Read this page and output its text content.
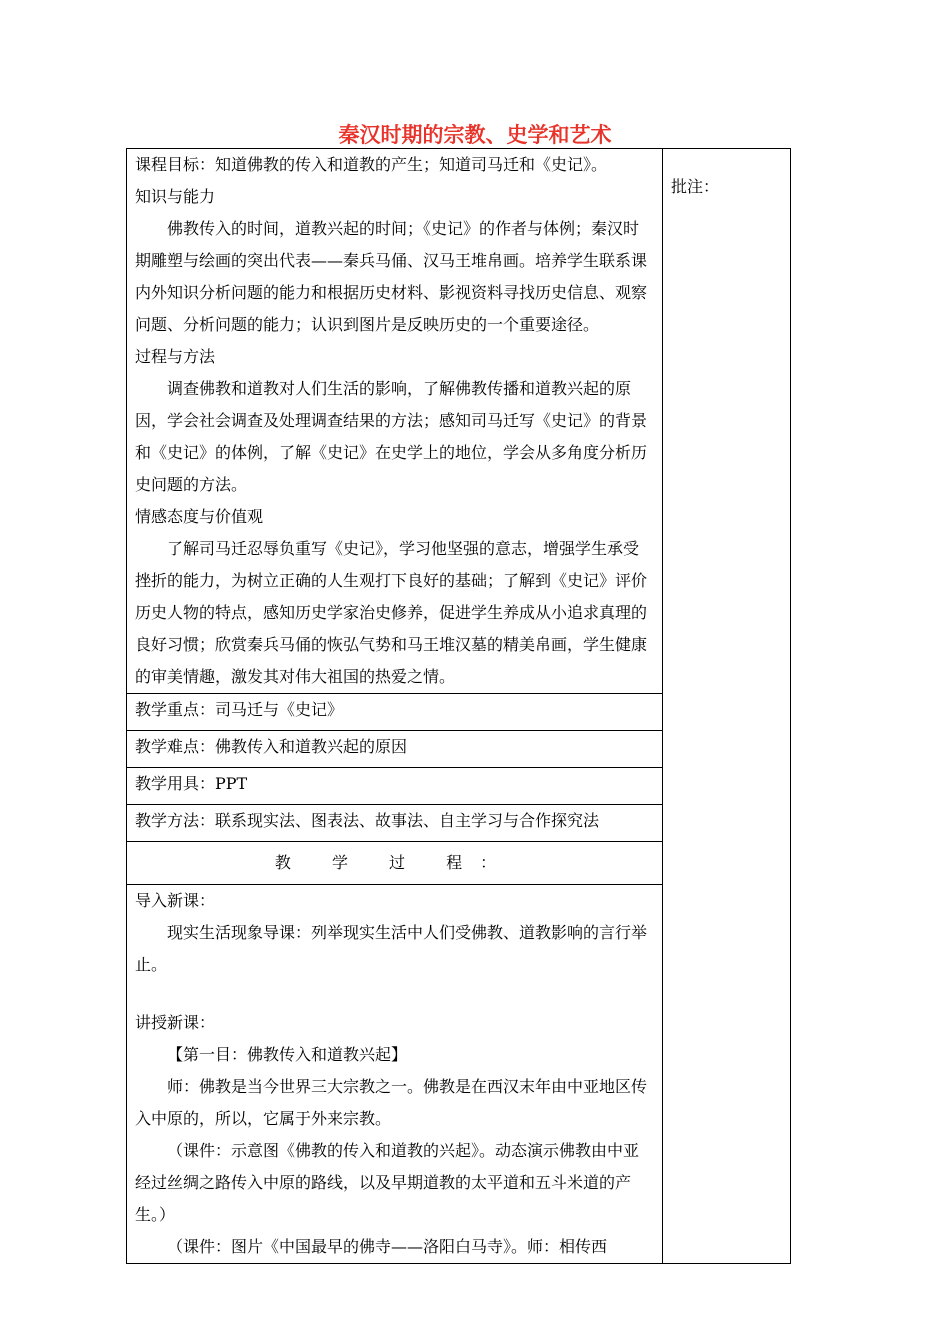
秦汉时期的宗教、史学和艺术

课程目标：知道佛教的传入和道教的产生；知道司马迁和《史记》。

知识与能力

佛教传入的时间，道教兴起的时间；《史记》的作者与体例；秦汉时期雕塑与绘画的突出代表——秦兵马俑、汉马王堆帛画。培养学生联系课内外知识分析问题的能力和根据历史材料、影视资料寻找历史信息、观察问题、分析问题的能力；认识到图片是反映历史的一个重要途径。

过程与方法

调查佛教和道教对人们生活的影响，了解佛教传播和道教兴起的原因，学会社会调查及处理调查结果的方法；感知司马迁写《史记》的背景和《史记》的体例，了解《史记》在史学上的地位，学会从多角度分析历史问题的方法。

情感态度与价值观

了解司马迁忍辱负重写《史记》，学习他坚强的意志，增强学生承受挫折的能力，为树立正确的人生观打下良好的基础；了解到《史记》评价历史人物的特点，感知历史学家治史修养，促进学生养成从小追求真理的良好习惯；欣赏秦兵马俑的恢弘气势和马王堆汉墓的精美帛画，学生健康的审美情趣，激发其对伟大祖国的热爱之情。

	批注：
教学重点：司马迁与《史记》
教学难点：佛教传入和道教兴起的原因
教学用具：PPT
教学方法：联系现实法、图表法、故事法、自主学习与合作探究法
教 学 过 程：

导入新课：

现实生活现象导课：列举现实生活中人们受佛教、道教影响的言行举止。

讲授新课：

【第一目：佛教传入和道教兴起】

师：佛教是当今世界三大宗教之一。佛教是在西汉末年由中亚地区传入中原的，所以，它属于外来宗教。

（课件：示意图《佛教的传入和道教的兴起》。动态演示佛教由中亚经过丝绸之路传入中原的路线，以及早期道教的太平道和五斗米道的产生。）

（课件：图片《中国最早的佛寺——洛阳白马寺》。师：相传西
